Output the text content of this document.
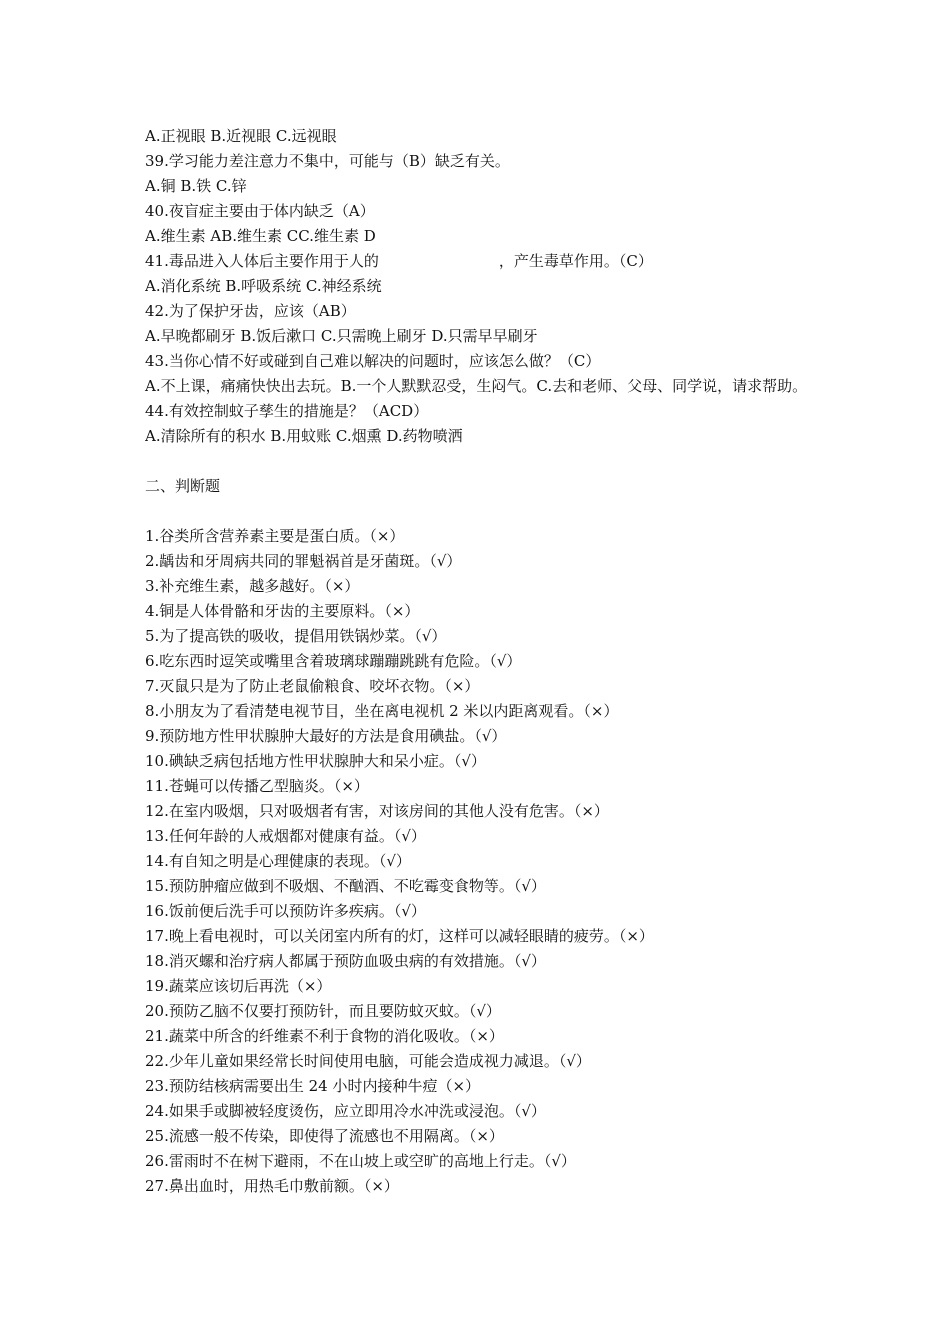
A.正视眼 B.近视眼 C.远视眼
39.学习能力差注意力不集中，可能与（B）缺乏有关。
A.铜 B.铁 C.锌
40.夜盲症主要由于体内缺乏（A）
A.维生素 AB.维生素 CC.维生素 D
41.毒品进入人体后主要作用于人的　　　　　　　　，产生毒草作用。（C）
A.消化系统 B.呼吸系统 C.神经系统
42.为了保护牙齿，应该（AB）
A.早晚都刷牙 B.饭后漱口 C.只需晚上刷牙 D.只需早早刷牙
43.当你心情不好或碰到自己难以解决的问题时，应该怎么做？（C）
A.不上课，痛痛快快出去玩。B.一个人默默忍受，生闷气。C.去和老师、父母、同学说，请求帮助。
44.有效控制蚊子孳生的措施是？（ACD）
A.清除所有的积水 B.用蚊账 C.烟熏 D.药物喷洒
二、判断题
1.谷类所含营养素主要是蛋白质。（×）
2.龋齿和牙周病共同的罪魁祸首是牙菌斑。（√）
3.补充维生素，越多越好。（×）
4.铜是人体骨骼和牙齿的主要原料。（×）
5.为了提高铁的吸收，提倡用铁锅炒菜。（√）
6.吃东西时逗笑或嘴里含着玻璃球蹦蹦跳跳有危险。（√）
7.灭鼠只是为了防止老鼠偷粮食、咬坏衣物。（×）
8.小朋友为了看清楚电视节目，坐在离电视机 2 米以内距离观看。（×）
9.预防地方性甲状腺肿大最好的方法是食用碘盐。（√）
10.碘缺乏病包括地方性甲状腺肿大和呆小症。（√）
11.苍蝇可以传播乙型脑炎。（×）
12.在室内吸烟，只对吸烟者有害，对该房间的其他人没有危害。（×）
13.任何年龄的人戒烟都对健康有益。（√）
14.有自知之明是心理健康的表现。（√）
15.预防肿瘤应做到不吸烟、不酗酒、不吃霉变食物等。（√）
16.饭前便后洗手可以预防许多疾病。（√）
17.晚上看电视时，可以关闭室内所有的灯，这样可以减轻眼睛的疲劳。（×）
18.消灭螺和治疗病人都属于预防血吸虫病的有效措施。（√）
19.蔬菜应该切后再洗（×）
20.预防乙脑不仅要打预防针，而且要防蚊灭蚊。（√）
21.蔬菜中所含的纤维素不利于食物的消化吸收。（×）
22.少年儿童如果经常长时间使用电脑，可能会造成视力减退。（√）
23.预防结核病需要出生 24 小时内接种牛痘（×）
24.如果手或脚被轻度烫伤，应立即用冷水冲洗或浸泡。（√）
25.流感一般不传染，即使得了流感也不用隔离。（×）
26.雷雨时不在树下避雨，不在山坡上或空旷的高地上行走。（√）
27.鼻出血时，用热毛巾敷前额。（×）
